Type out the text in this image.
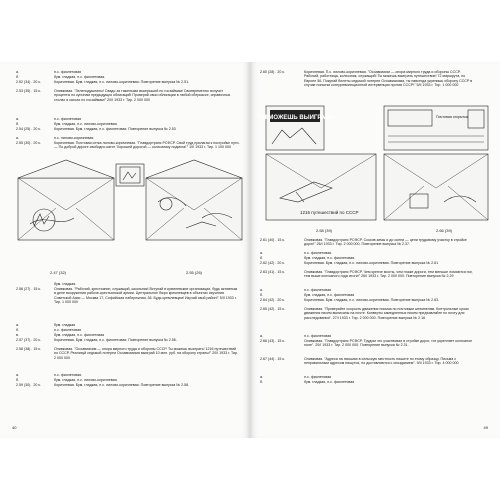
а.	п.с. фиолетовая
б.	бум. гладкая, п.с. фиолетовая.
2.52 (34) . 20 к.	Коричневая. Бум. гладкая, п.с. лилово-коричневая. Повторение выпуска № 2.51.
2.53 (35) . 15 к.	Оливковая. "Зеленодушнины! Свадо за тяжелыми выигрышей по госзаймам! Своевременно получит проценты по купонам предыдущих облигаций! Проверяй свои облигации в любой сберкассе, справочных столах и кассах по госзаймам!" 20/I 1933 г. Тир. 2 000 000
а.	п.с. фиолетовая
б.	бум. гладкая, п.с. лилово-коричневая.
2.54 (25) . 20 к.	Коричневая. Бум. гладкая, п.с. фиолетовая. Повторение выпуска № 2.53
а.	п.с. лилово-коричневая
2.55 (30) . 20 к.	Коричневая. Почтовая сетка лилово-коричневая. "Главдортранс РСФСР. Свой труд прилагая к постройке пути. — По доброй дороге свободно катит 'Хорошей дорогой — колхознику подмога!'" 1/II 1933 г. Тир. 1 100 000
2.47 (32)	2.55 (26)
бум. гладкая.
2.56 (27) . 15 к.	Оливковая. "Рабочий, крестьянин, служащий, школьник! Вступай в кремлевские организации, будь активным в деле вооружения рабоче-крестьянской армии. Центральное бюро кремлевцев в объектах изучения Советской Азии — Москва 17, Софийская набережная, 36. Будь кремлевцем! Изучай свой район!" 5/II 1933 г. Тир. 1 000 000
а.	бум. гладкая
б.	п.с. фиолетовая
в.	бум. гладкая, п.с. фиолетовая
2.57 (37) . 20 к.	Коричневая. Бум. гладкая, п.с. фиолетовая. Повторение выпуска № 2.56.
2.58 (38) . 15 к.	Оливковая. "Осоавиахим — опора мирного труда и обороны СССР. Ты можешь выиграть! 1216 путешествий по СССР. Реализуй седьмой лотереи Осоавиахима выиграй 10 млн. руб. на оборону страны!" 20/I 1933 г. Тир. 2 000 000
а.	п.с. фиолетовая.
б.	бум. гладкая, п.с. лилово-коричневая.
2.59 (30) . 20 к.	Коричневая. Бум. гладкая, п.с. лилово-коричневая. Повторение выпуска № 2.58.
40
2.60 (28) . 20 к.	Коричневая. П.с. лилово-коричневая. "Осоавиахим — опора мирного труда и обороны СССР. Рабочий, работница, колхозник, служащий! Ты можешь выиграть путешествие! 72 маршрута, по Европе 56. Покупай билеты седьмой лотереи Осоавиахима, ты навсегда укрепишь оборону СССР в случае попытки контрреволюционной интервенции против СССР!" 5/II 1933 г. Тир. 1 000 000
ТЫ МОЖЕШЬ ВЫИГРАТЬ
1216 путешествий по СССР
Почтовая открытка
2.58 (39)	2.66 (39)
2.61 (40) . 15 к.	Оливковая. "Главдортранс РСФСР. Скосив зимы и до осени — цени трудовому участку в стройке дорог!" 26/I 1933 г. Тир. 2 000 000. Повторение выпуска № 2.37.
а.	п.с. фиолетовая.
б.	бум. гладкая, п.с. фиолетовая.
2.62 (42) . 20 к.	Коричневая. Бум. гладкая, п.с. лилово-коричневая. Повторение выпуска № 2.61
2.63 (41) . 15 к.	Оливковая. "Главдортранс РСФСР. Чем крепче мосты, чем глаже дороги, тем меньше ломаются ног, тем выше колхозного года итоги!" 26/I 1933 г. Тир. 2 000 000. Повторение выпуска № 2.29
а.	п.с. фиолетовая
б.	бум. гладкая, п.с. фиолетовая
2.64 (42) . 20 к.	Коричневая. Бум. гладкая, п.с. лилово-коричневая. Повторение выпуска № 2.63.
2.65 (42) . 15 к.	Оливковая. "Проверяйте скорость движения письма по почтовым штемпелям. Контрольные сроки движения писем выписаны на почте. Конверты замедленных писем предъявляйте по почту для расследования". 27/I 1933 г. Тир. 2 000 000. Повторение выпуска № 2.16
а.	п.с. фиолетовая
2.66 (43) . 15 к.	Оливковая. "Главдортранс РСФСР. Трудом что участвовал в стройке дорог, тот укрепляет колхозное поле". 20/I 1933 г. Тир. 2 000 000. Повторение выпуска № 2.31.
2.67 (44) . 15 к.	Оливковая. "Адреса на письмах в сельскую местность пишите по этому образцу. Письма с неправильным адресом пишутся, но доставляются с опозданием". 9/II 1933 г. Тир. 4 000 000
а.	п.с. фиолетовая
б.	бум. гладкая, п.с. фиолетовая
49
